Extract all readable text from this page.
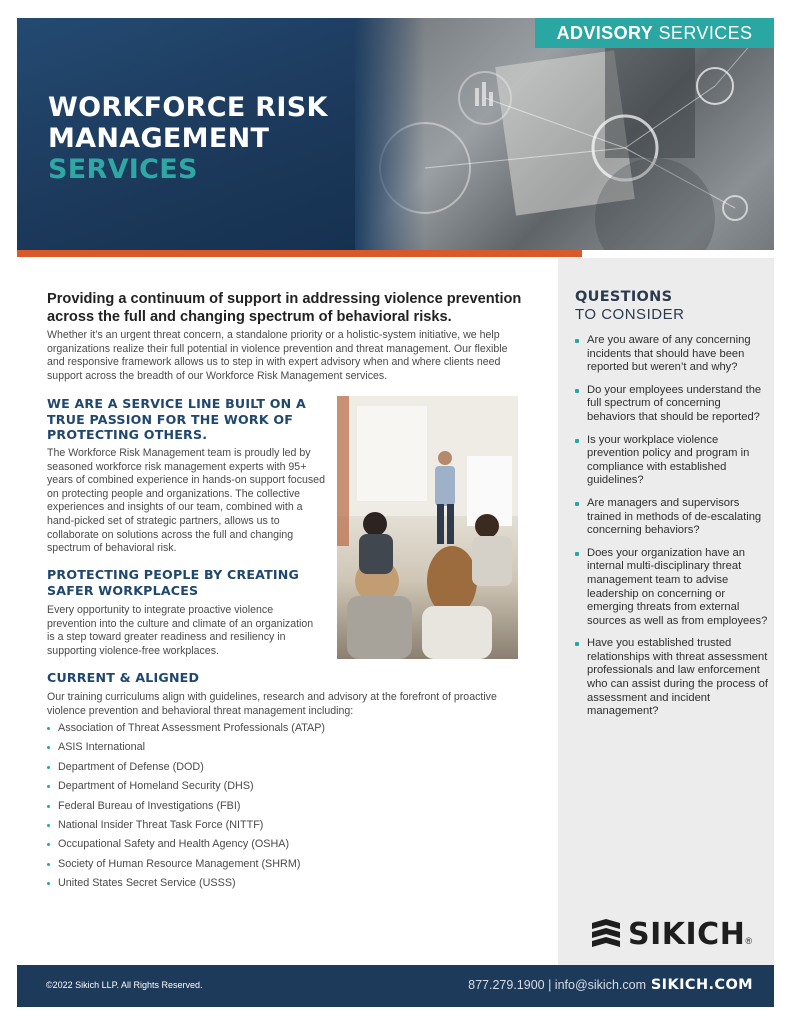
WORKFORCE RISK
MANAGEMENT
SERVICES
ADVISORY SERVICES

Providing a continuum of support in addressing violence prevention across the full and changing spectrum of behavioral risks.

Whether it’s an urgent threat concern, a standalone priority or a holistic-system initiative, we help organizations realize their full potential in violence prevention and threat management. Our flexible and responsive framework allows us to step in with expert advisory when and where clients need support across the breadth of our Workforce Risk Management services.

WE ARE A SERVICE LINE BUILT ON A TRUE PASSION FOR THE WORK OF PROTECTING OTHERS.

The Workforce Risk Management team is proudly led by seasoned workforce risk management experts with 95+ years of combined experience in hands-on support focused on protecting people and organizations. The collective experiences and insights of our team, combined with a hand-picked set of strategic partners, allows us to collaborate on solutions across the full and changing spectrum of behavioral risk.

PROTECTING PEOPLE BY CREATING SAFER WORKPLACES

Every opportunity to integrate proactive violence prevention into the culture and climate of an organization is a step toward greater readiness and resiliency in supporting violence-free workplaces.

CURRENT & ALIGNED

Our training curriculums align with guidelines, research and advisory at the forefront of proactive violence prevention and behavioral threat management including:

Association of Threat Assessment Professionals (ATAP)
ASIS International
Department of Defense (DOD)
Department of Homeland Security (DHS)
Federal Bureau of Investigations (FBI)
National Insider Threat Task Force (NITTF)
Occupational Safety and Health Agency (OSHA)
Society of Human Resource Management (SHRM)
United States Secret Service (USSS)
QUESTIONS
TO CONSIDER
Are you aware of any concerning incidents that should have been reported but weren’t and why?
Do your employees understand the full spectrum of concerning behaviors that should be reported?
Is your workplace violence prevention policy and program in compliance with established guidelines?
Are managers and supervisors trained in methods of de-escalating concerning behaviors?
Does your organization have an internal multi-disciplinary threat management team to advise leadership on concerning or emerging threats from external sources as well as from employees?
Have you established trusted relationships with threat assessment professionals and law enforcement who can assist during the process of assessment and incident management?
SIKICH ®
©2022 Sikich LLP. All Rights Reserved.	877.279.1900 | info@sikich.com SIKICH.COM
